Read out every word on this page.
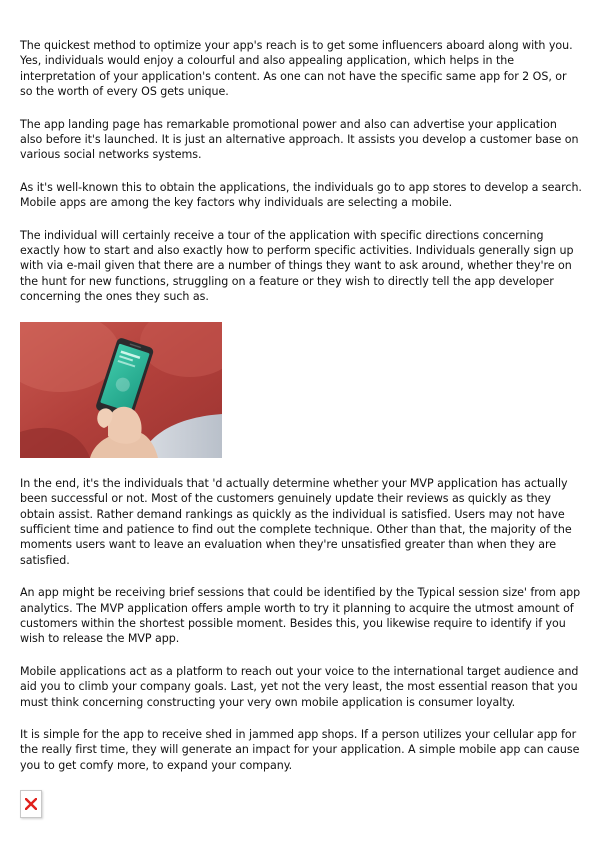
The quickest method to optimize your app's reach is to get some influencers aboard along with you. Yes, individuals would enjoy a colourful and also appealing application, which helps in the interpretation of your application's content. As one can not have the specific same app for 2 OS, or so the worth of every OS gets unique.

The app landing page has remarkable promotional power and also can advertise your application also before it's launched. It is just an alternative approach. It assists you develop a customer base on various social networks systems.

As it's well-known this to obtain the applications, the individuals go to app stores to develop a search. Mobile apps are among the key factors why individuals are selecting a mobile.

The individual will certainly receive a tour of the application with specific directions concerning exactly how to start and also exactly how to perform specific activities. Individuals generally sign up with via e-mail given that there are a number of things they want to ask around, whether they're on the hunt for new functions, struggling on a feature or they wish to directly tell the app developer concerning the ones they such as.

In the end, it's the individuals that 'd actually determine whether your MVP application has actually been successful or not. Most of the customers genuinely update their reviews as quickly as they obtain assist. Rather demand rankings as quickly as the individual is satisfied. Users may not have sufficient time and patience to find out the complete technique. Other than that, the majority of the moments users want to leave an evaluation when they're unsatisfied greater than when they are satisfied.

An app might be receiving brief sessions that could be identified by the Typical session size' from app analytics. The MVP application offers ample worth to try it planning to acquire the utmost amount of customers within the shortest possible moment. Besides this, you likewise require to identify if you wish to release the MVP app.

Mobile applications act as a platform to reach out your voice to the international target audience and aid you to climb your company goals. Last, yet not the very least, the most essential reason that you must think concerning constructing your very own mobile application is consumer loyalty.

It is simple for the app to receive shed in jammed app shops. If a person utilizes your cellular app for the really first time, they will generate an impact for your application. A simple mobile app can cause you to get comfy more, to expand your company.
